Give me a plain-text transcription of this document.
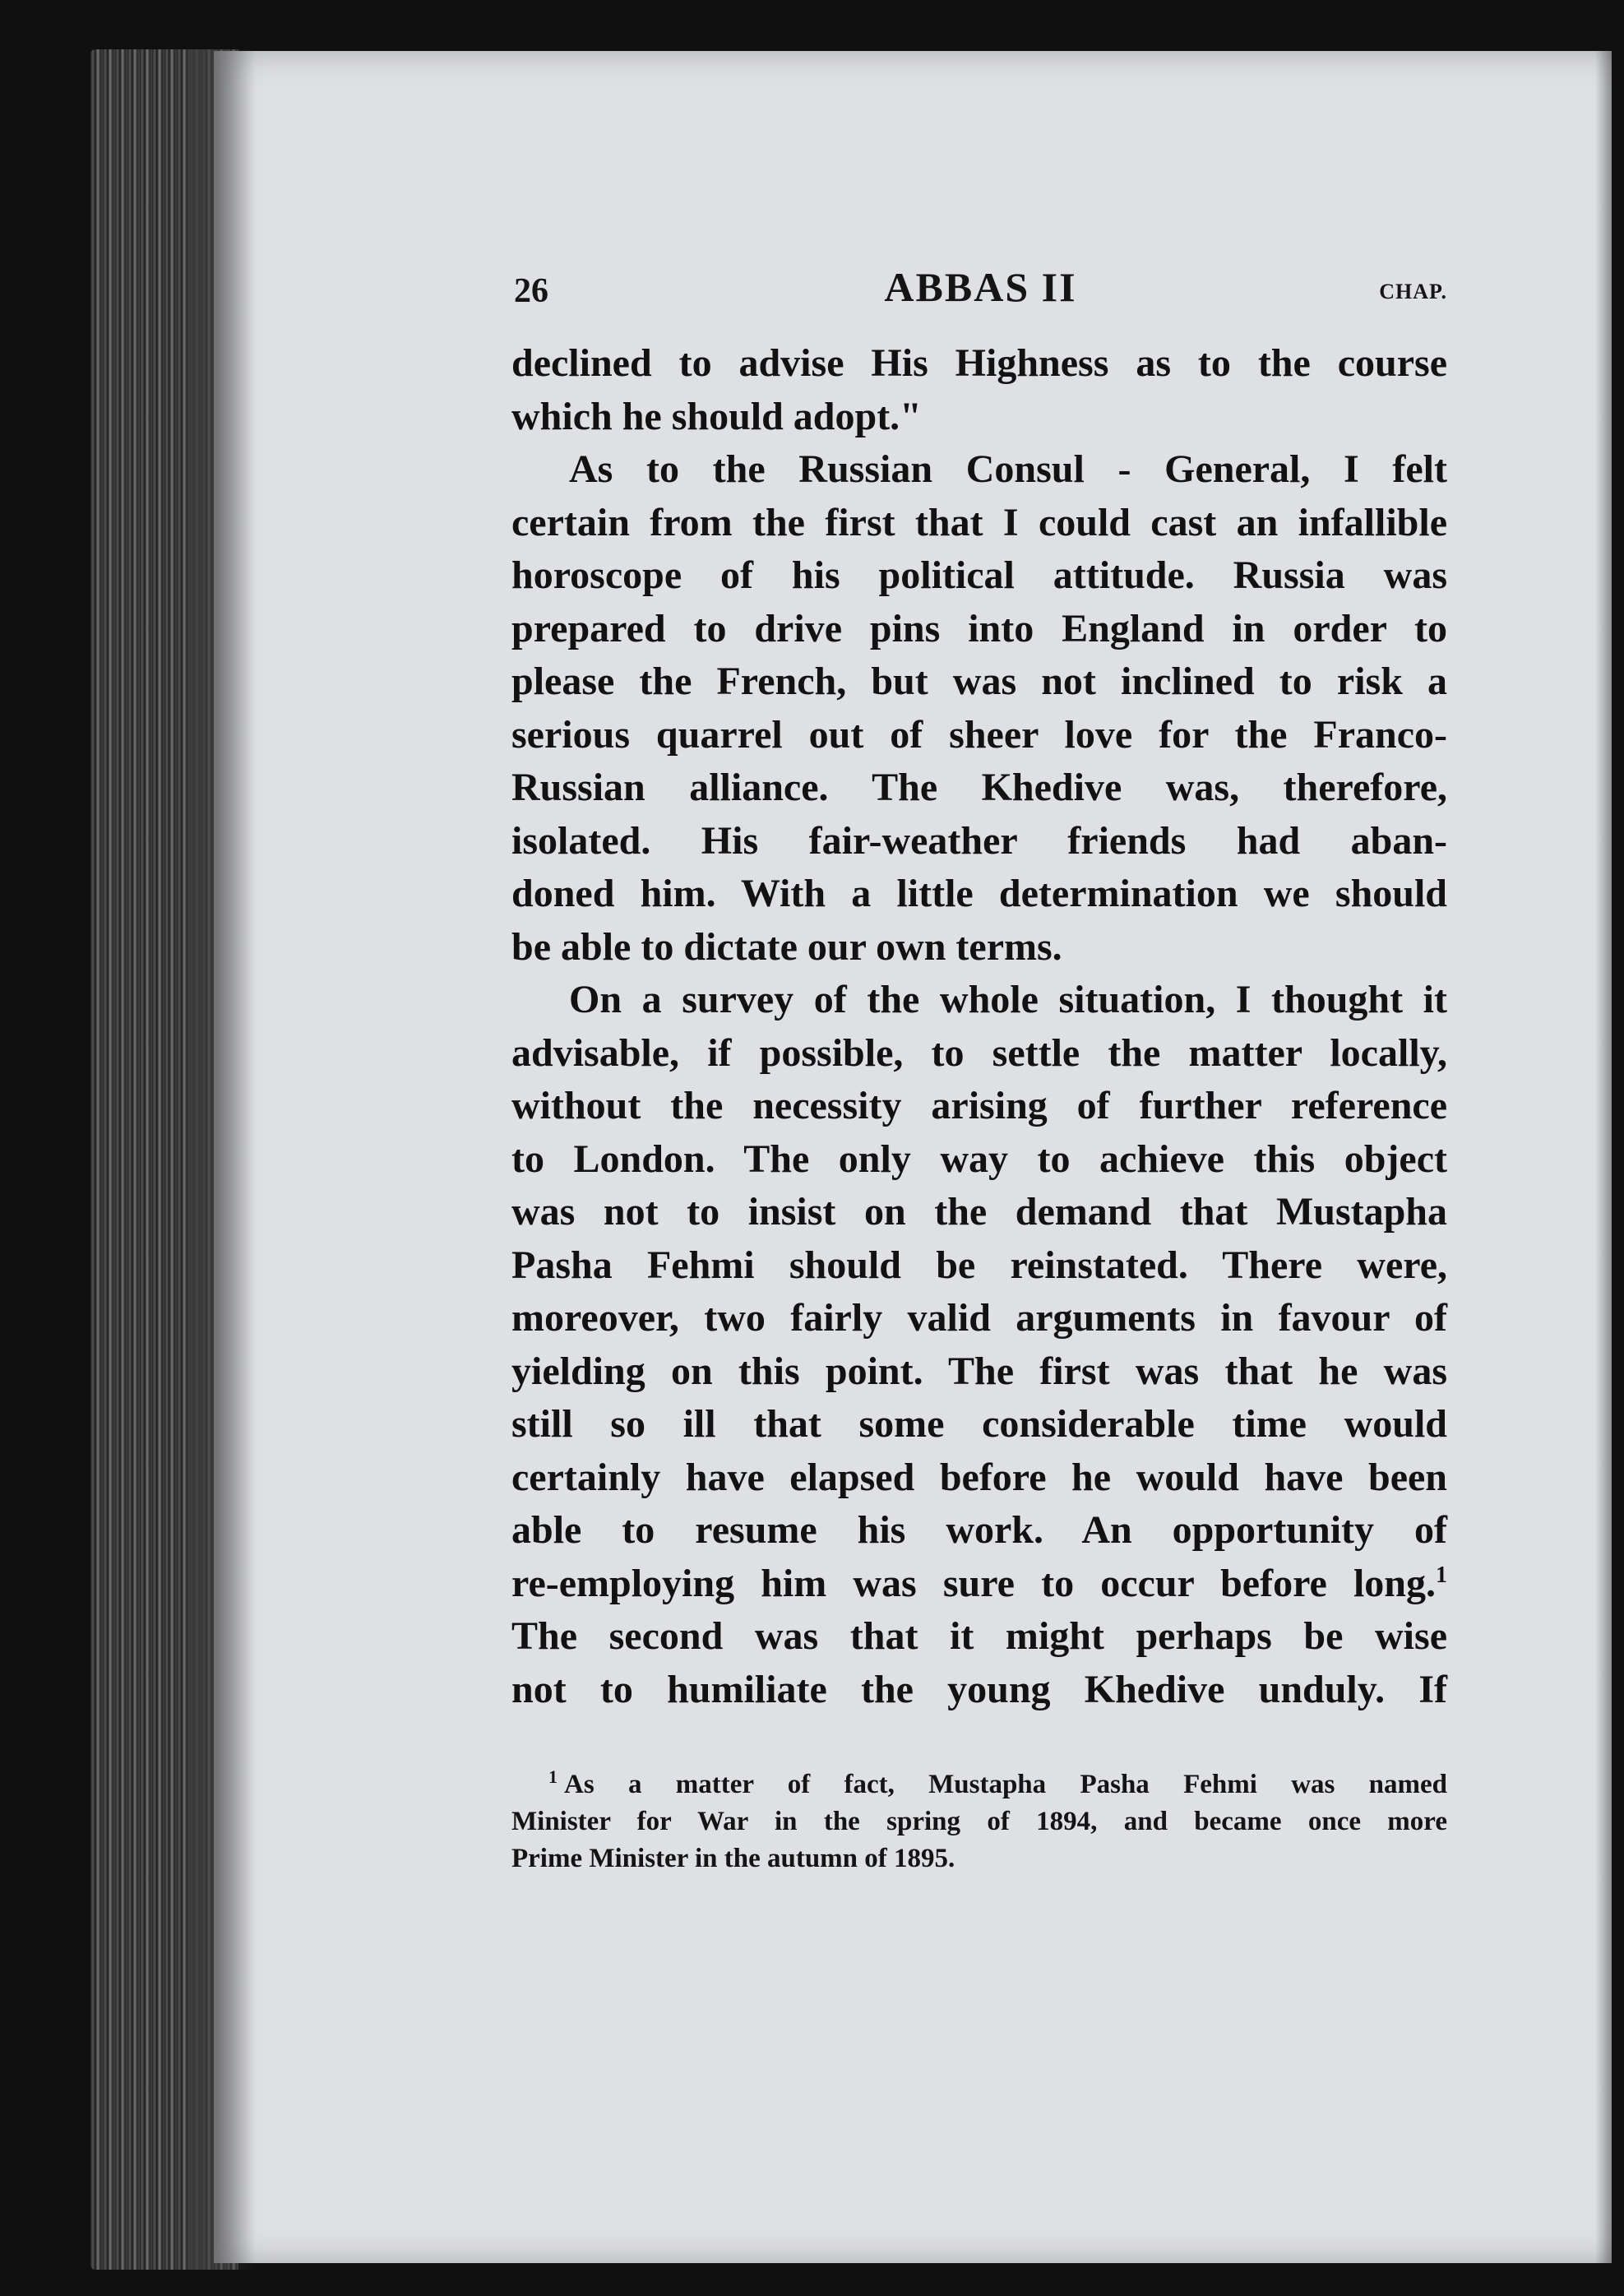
26	ABBAS II	CHAP.
declined to advise His Highness as to the course
which he should adopt."
As to the Russian Consul - General, I felt
certain from the first that I could cast an infallible
horoscope of his political attitude. Russia was
prepared to drive pins into England in order to
please the French, but was not inclined to risk a
serious quarrel out of sheer love for the Franco-
Russian alliance. The Khedive was, therefore,
isolated. His fair-weather friends had aban-
doned him. With a little determination we should
be able to dictate our own terms.
On a survey of the whole situation, I thought it
advisable, if possible, to settle the matter locally,
without the necessity arising of further reference
to London. The only way to achieve this object
was not to insist on the demand that Mustapha
Pasha Fehmi should be reinstated. There were,
moreover, two fairly valid arguments in favour of
yielding on this point. The first was that he was
still so ill that some considerable time would
certainly have elapsed before he would have been
able to resume his work. An opportunity of
re-employing him was sure to occur before long.$^1$
The second was that it might perhaps be wise
not to humiliate the young Khedive unduly. If
$^1$ As a matter of fact, Mustapha Pasha Fehmi was named
Minister for War in the spring of 1894, and became once more
Prime Minister in the autumn of 1895.
